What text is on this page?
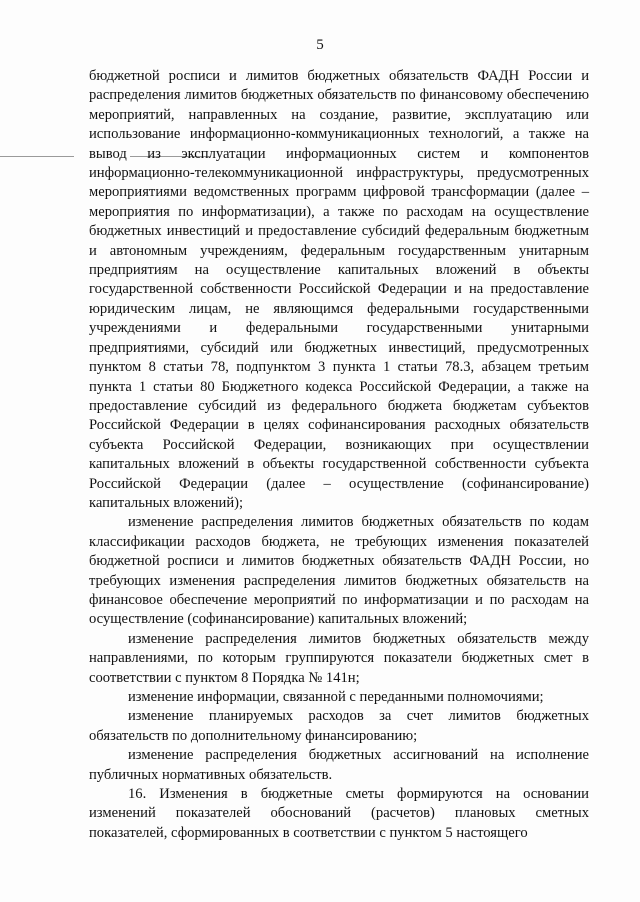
5

бюджетной росписи и лимитов бюджетных обязательств ФАДН России и распределения лимитов бюджетных обязательств по финансовому обеспечению мероприятий, направленных на создание, развитие, эксплуатацию или использование информационно-коммуникационных технологий, а также на вывод из эксплуатации информационных систем и компонентов информационно-телекоммуникационной инфраструктуры, предусмотренных мероприятиями ведомственных программ цифровой трансформации (далее – мероприятия по информатизации), а также по расходам на осуществление бюджетных инвестиций и предоставление субсидий федеральным бюджетным и автономным учреждениям, федеральным государственным унитарным предприятиям на осуществление капитальных вложений в объекты государственной собственности Российской Федерации и на предоставление юридическим лицам, не являющимся федеральными государственными учреждениями и федеральными государственными унитарными предприятиями, субсидий или бюджетных инвестиций, предусмотренных пунктом 8 статьи 78, подпунктом 3 пункта 1 статьи 78.3, абзацем третьим пункта 1 статьи 80 Бюджетного кодекса Российской Федерации, а также на предоставление субсидий из федерального бюджета бюджетам субъектов Российской Федерации в целях софинансирования расходных обязательств субъекта Российской Федерации, возникающих при осуществлении капитальных вложений в объекты государственной собственности субъекта Российской Федерации (далее – осуществление (софинансирование) капитальных вложений);

изменение распределения лимитов бюджетных обязательств по кодам классификации расходов бюджета, не требующих изменения показателей бюджетной росписи и лимитов бюджетных обязательств ФАДН России, но требующих изменения распределения лимитов бюджетных обязательств на финансовое обеспечение мероприятий по информатизации и по расходам на осуществление (софинансирование) капитальных вложений;

изменение распределения лимитов бюджетных обязательств между направлениями, по которым группируются показатели бюджетных смет в соответствии с пунктом 8 Порядка № 141н;

изменение информации, связанной с переданными полномочиями;

изменение планируемых расходов за счет лимитов бюджетных обязательств по дополнительному финансированию;

изменение распределения бюджетных ассигнований на исполнение публичных нормативных обязательств.

16. Изменения в бюджетные сметы формируются на основании изменений показателей обоснований (расчетов) плановых сметных показателей, сформированных в соответствии с пунктом 5 настоящего
